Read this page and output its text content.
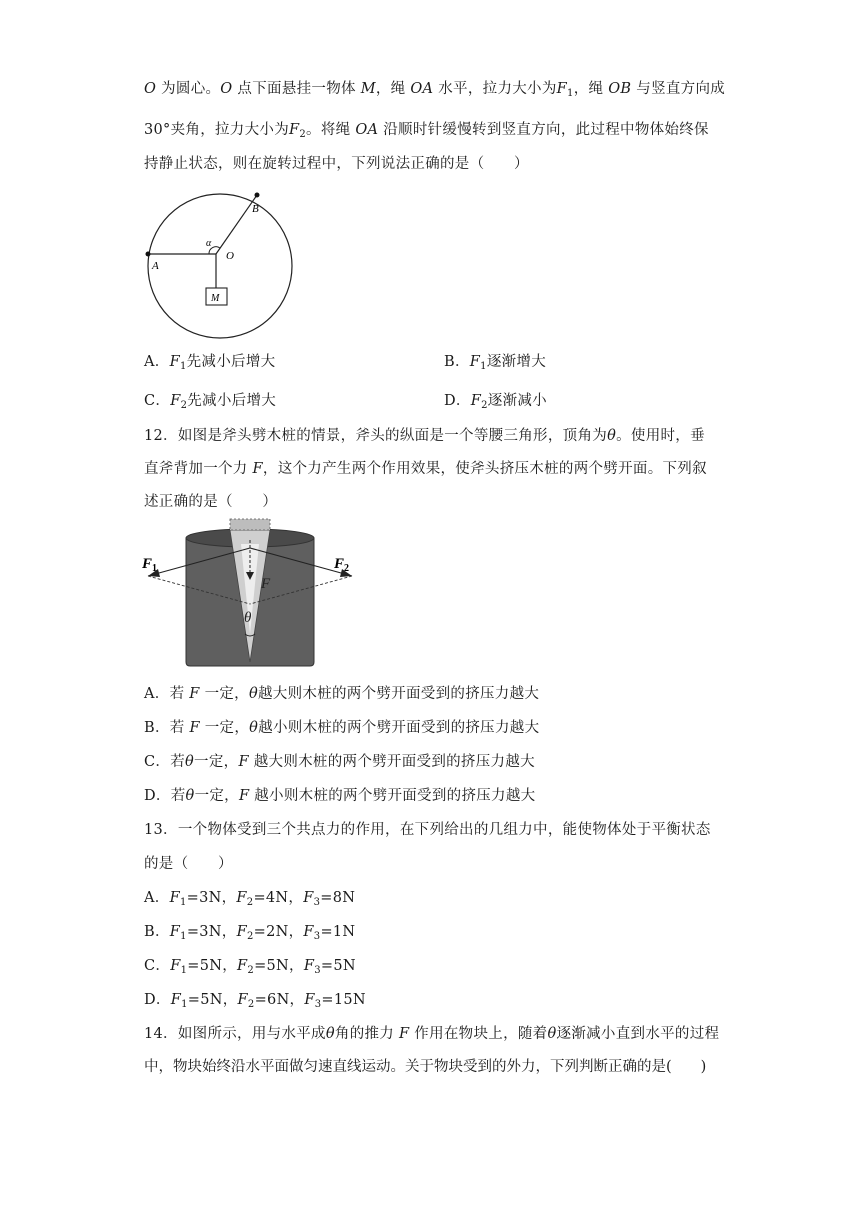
O 为圆心。O 点下面悬挂一物体 M，绳 OA 水平，拉力大小为$F_1$，绳 OB 与竖直方向成
30°夹角，拉力大小为$F_2$。将绳 OA 沿顺时针缓慢转到竖直方向，此过程中物体始终保
持静止状态，则在旋转过程中，下列说法正确的是（　　）
A
B
O
α
M
A．$F_1$先减小后增大	B．$F_1$逐渐增大
C．$F_2$先减小后增大	D．$F_2$逐渐减小
12．如图是斧头劈木桩的情景，斧头的纵面是一个等腰三角形，顶角为θ。使用时，垂
直斧背加一个力 F，这个力产生两个作用效果，使斧头挤压木桩的两个劈开面。下列叙
述正确的是（　　）
$F_1$	$F_2$
F
θ
A．若 F 一定，θ越大则木桩的两个劈开面受到的挤压力越大
B．若 F 一定，θ越小则木桩的两个劈开面受到的挤压力越大
C．若θ一定，F 越大则木桩的两个劈开面受到的挤压力越大
D．若θ一定，F 越小则木桩的两个劈开面受到的挤压力越大
13．一个物体受到三个共点力的作用，在下列给出的几组力中，能使物体处于平衡状态
的是（　　）
A．$F_1=3N$，$F_2=4N$，$F_3=8N$
B．$F_1=3N$，$F_2=2N$，$F_3=1N$
C．$F_1=5N$，$F_2=5N$，$F_3=5N$
D．$F_1=5N$，$F_2=6N$，$F_3=15N$
14．如图所示，用与水平成θ角的推力 F 作用在物块上，随着θ逐渐减小直到水平的过程
中，物块始终沿水平面做匀速直线运动。关于物块受到的外力，下列判断正确的是(　　)
